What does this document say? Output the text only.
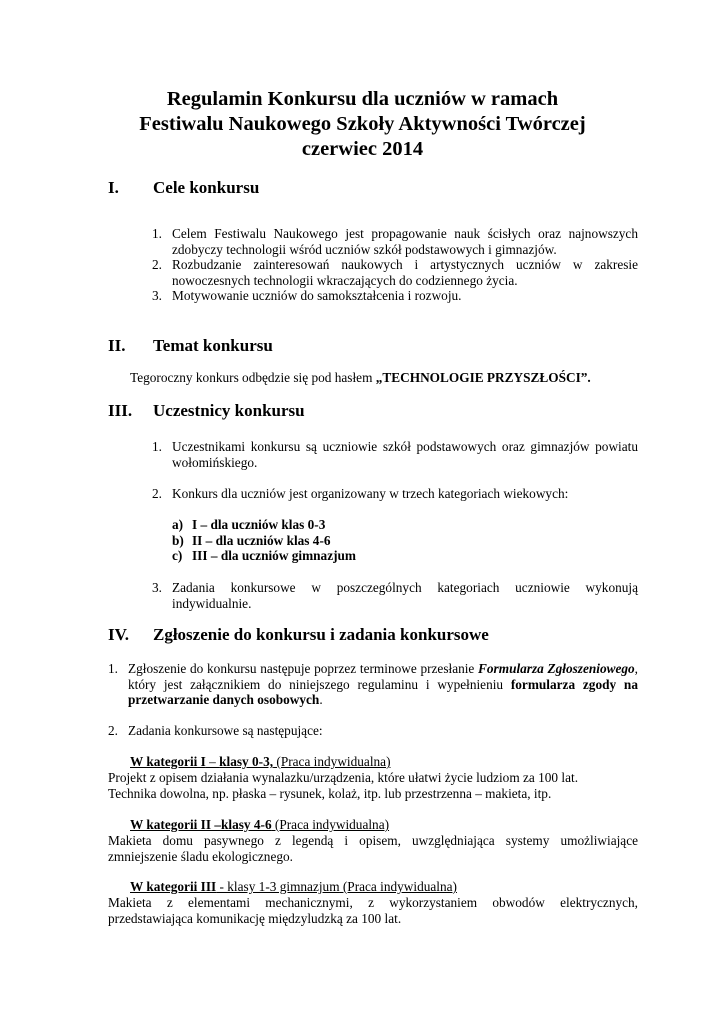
Regulamin Konkursu dla uczniów w ramach
Festiwalu Naukowego Szkoły Aktywności Twórczej
czerwiec 2014
I. Cele konkursu
1. Celem Festiwalu Naukowego jest propagowanie nauk ścisłych oraz najnowszych zdobyczy technologii wśród uczniów szkół podstawowych i gimnazjów.
2. Rozbudzanie zainteresowań naukowych i artystycznych uczniów w zakresie nowoczesnych technologii wkraczających do codziennego życia.
3. Motywowanie uczniów do samokształcenia i rozwoju.
II. Temat konkursu
Tegoroczny konkurs odbędzie się pod hasłem „TECHNOLOGIE PRZYSZŁOŚCI”.
III. Uczestnicy konkursu
1. Uczestnikami konkursu są uczniowie szkół podstawowych oraz gimnazjów powiatu wołomińskiego.
2. Konkurs dla uczniów jest organizowany w trzech kategoriach wiekowych:
a) I – dla uczniów klas 0-3
b) II – dla uczniów klas 4-6
c) III – dla uczniów gimnazjum
3. Zadania konkursowe w poszczególnych kategoriach uczniowie wykonują indywidualnie.
IV. Zgłoszenie do konkursu i zadania konkursowe
1. Zgłoszenie do konkursu następuje poprzez terminowe przesłanie Formularza Zgłoszeniowego, który jest załącznikiem do niniejszego regulaminu i wypełnieniu formularza zgody na przetwarzanie danych osobowych.
2. Zadania konkursowe są następujące:
W kategorii I – klasy 0-3, (Praca indywidualna)
Projekt z opisem działania wynalazku/urządzenia, które ułatwi życie ludziom za 100 lat.
Technika dowolna, np. płaska – rysunek, kolaż, itp. lub przestrzenna – makieta, itp.
W kategorii II –klasy 4-6 (Praca indywidualna)
Makieta domu pasywnego z legendą i opisem, uwzględniająca systemy umożliwiające zmniejszenie śladu ekologicznego.
W kategorii III - klasy 1-3 gimnazjum (Praca indywidualna)
Makieta z elementami mechanicznymi, z wykorzystaniem obwodów elektrycznych,
przedstawiająca komunikację międzyludzką za 100 lat.
